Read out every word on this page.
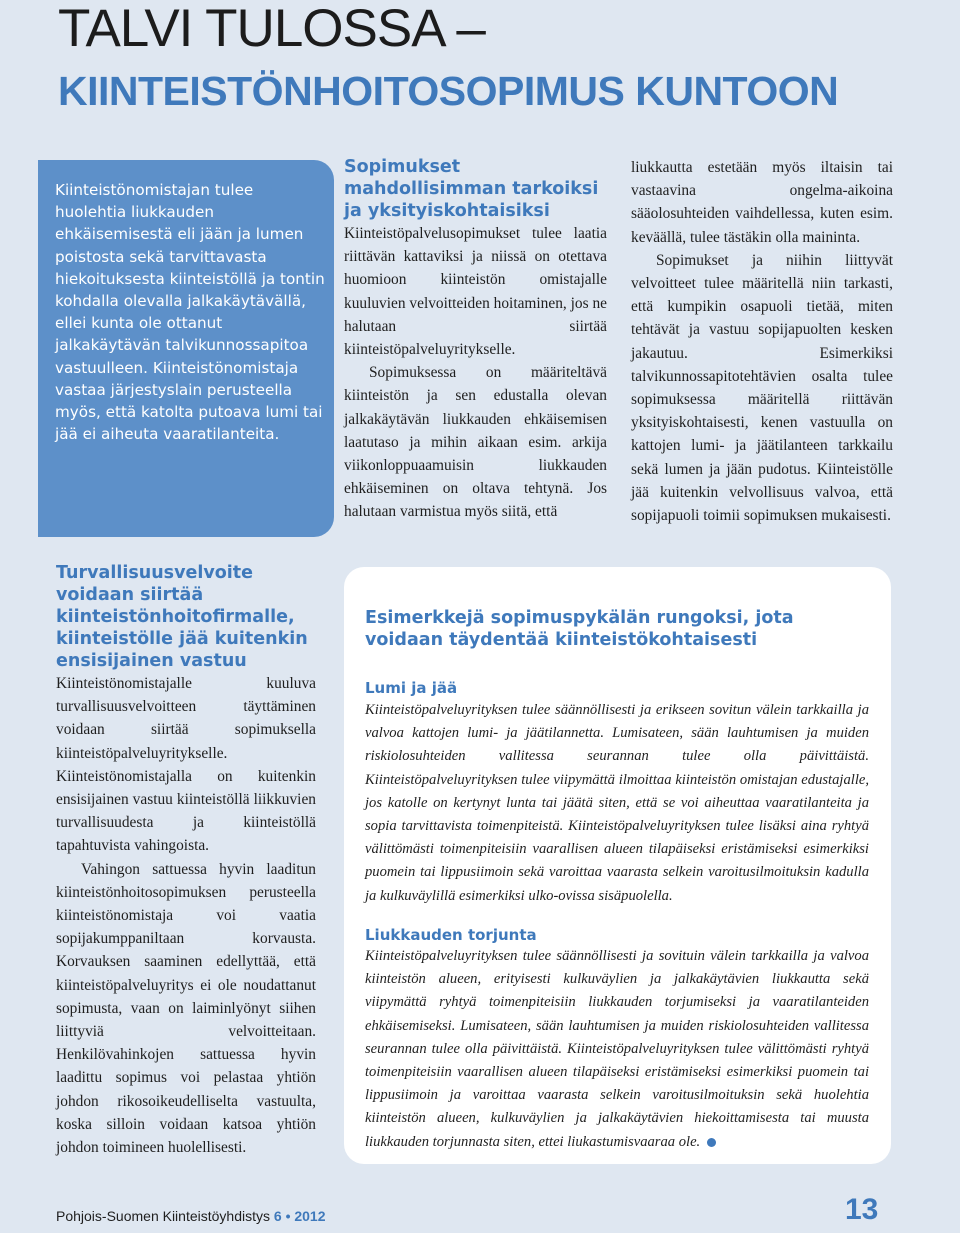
TALVI TULOSSA –
KIINTEISTÖNHOITOSOPIMUS KUNTOON

Kiinteistönomistajan tulee huolehtia liukkauden ehkäisemisestä eli jään ja lumen poistosta sekä tarvittavasta hiekoituksesta kiinteistöllä ja tontin kohdalla olevalla jalkakäytävällä, ellei kunta ole ottanut jalkakäytävän talvikunnossapitoa vastuulleen. Kiinteistönomistaja vastaa järjestyslain perusteella myös, että katolta putoava lumi tai jää ei aiheuta vaaratilanteita.

Sopimukset mahdollisimman tarkoiksi ja yksityiskohtaisiksi

Kiinteistöpalvelusopimukset tulee laatia riittävän kattaviksi ja niissä on otettava huomioon kiinteistön omistajalle kuuluvien velvoitteiden hoitaminen, jos ne halutaan siirtää kiinteistöpalveluyritykselle.

Sopimuksessa on määriteltävä kiinteistön ja sen edustalla olevan jalkakäytävän liukkauden ehkäisemisen laatutaso ja mihin aikaan esim. arkija viikonloppuaamuisin liukkauden ehkäiseminen on oltava tehtynä. Jos halutaan varmistua myös siitä, että

liukkautta estetään myös iltaisin tai vastaavina ongelma-aikoina sääolosuhteiden vaihdellessa, kuten esim. keväällä, tulee tästäkin olla maininta.

Sopimukset ja niihin liittyvät velvoitteet tulee määritellä niin tarkasti, että kumpikin osapuoli tietää, miten tehtävät ja vastuu sopijapuolten kesken jakautuu. Esimerkiksi talvikunnossapitotehtävien osalta tulee sopimuksessa määritellä riittävän yksityiskohtaisesti, kenen vastuulla on kattojen lumi- ja jäätilanteen tarkkailu sekä lumen ja jään pudotus. Kiinteistölle jää kuitenkin velvollisuus valvoa, että sopijapuoli toimii sopimuksen mukaisesti.

Turvallisuusvelvoite voidaan siirtää kiinteistönhoitofirmalle, kiinteistölle jää kuitenkin ensisijainen vastuu

Kiinteistönomistajalle kuuluva turvallisuusvelvoitteen täyttäminen voidaan siirtää sopimuksella kiinteistöpalveluyritykselle. Kiinteistönomistajalla on kuitenkin ensisijainen vastuu kiinteistöllä liikkuvien turvallisuudesta ja kiinteistöllä tapahtuvista vahingoista.

Vahingon sattuessa hyvin laaditun kiinteistönhoitosopimuksen perusteella kiinteistönomistaja voi vaatia sopijakumppaniltaan korvausta. Korvauksen saaminen edellyttää, että kiinteistöpalveluyritys ei ole noudattanut sopimusta, vaan on laiminlyönyt siihen liittyviä velvoitteitaan. Henkilövahinkojen sattuessa hyvin laadittu sopimus voi pelastaa yhtiön johdon rikosoikeudelliselta vastuulta, koska silloin voidaan katsoa yhtiön johdon toimineen huolellisesti.

Esimerkkejä sopimuspykälän rungoksi, jota voidaan täydentää kiinteistökohtaisesti
Lumi ja jää

Kiinteistöpalveluyrityksen tulee säännöllisesti ja erikseen sovitun välein tarkkailla ja valvoa kattojen lumi- ja jäätilannetta. Lumisateen, sään lauhtumisen ja muiden riskiolosuhteiden vallitessa seurannan tulee olla päivittäistä. Kiinteistöpalveluyrityksen tulee viipymättä ilmoittaa kiinteistön omistajan edustajalle, jos katolle on kertynyt lunta tai jäätä siten, että se voi aiheuttaa vaaratilanteita ja sopia tarvittavista toimenpiteistä. Kiinteistöpalveluyrityksen tulee lisäksi aina ryhtyä välittömästi toimenpiteisiin vaarallisen alueen tilapäiseksi eristämiseksi esimerkiksi puomein tai lippusiimoin sekä varoittaa vaarasta selkein varoitusilmoituksin kadulla ja kulkuväylillä esimerkiksi ulko-ovissa sisäpuolella.

Liukkauden torjunta

Kiinteistöpalveluyrityksen tulee säännöllisesti ja sovituin välein tarkkailla ja valvoa kiinteistön alueen, erityisesti kulkuväylien ja jalkakäytävien liukkautta sekä viipymättä ryhtyä toimenpiteisiin liukkauden torjumiseksi ja vaaratilanteiden ehkäisemiseksi. Lumisateen, sään lauhtumisen ja muiden riskiolosuhteiden vallitessa seurannan tulee olla päivittäistä. Kiinteistöpalveluyrityksen tulee välittömästi ryhtyä toimenpiteisiin vaarallisen alueen tilapäiseksi eristämiseksi esimerkiksi puomein tai lippusiimoin ja varoittaa vaarasta selkein varoitusilmoituksin sekä huolehtia kiinteistön alueen, kulkuväylien ja jalkakäytävien hiekoittamisesta tai muusta liukkauden torjunnasta siten, ettei liukastumisvaaraa ole.

Pohjois-Suomen Kiinteistöyhdistys 6 • 2012	13
